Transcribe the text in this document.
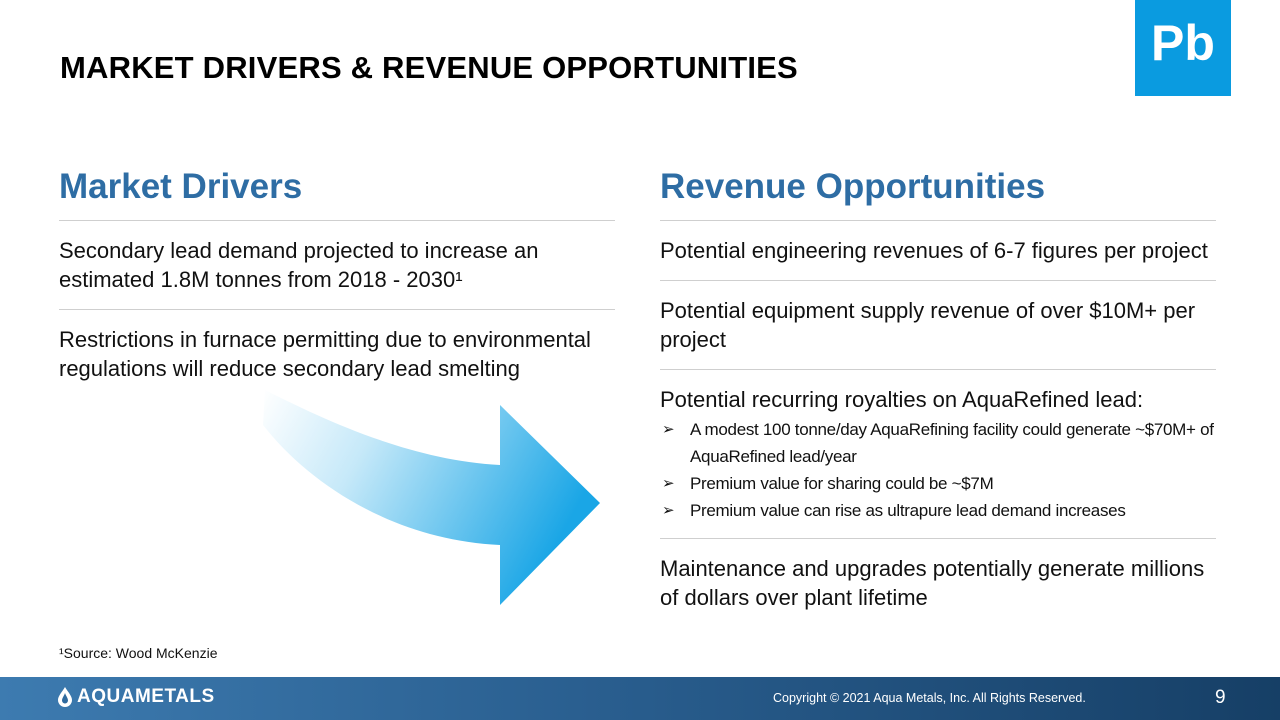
MARKET DRIVERS & REVENUE OPPORTUNITIES	Pb
Market Drivers
Secondary lead demand projected to increase an estimated 1.8M tonnes from 2018 - 2030¹
Restrictions in furnace permitting due to environmental regulations will reduce secondary lead smelting
Revenue Opportunities
Potential engineering revenues of 6-7 figures per project
Potential equipment supply revenue of over $10M+ per project
Potential recurring royalties on AquaRefined lead:
➢ A modest 100 tonne/day AquaRefining facility could generate ~$70M+ of AquaRefined lead/year
➢ Premium value for sharing could be ~$7M
➢ Premium value can rise as ultrapure lead demand increases
Maintenance and upgrades potentially generate millions of dollars over plant lifetime
¹Source: Wood McKenzie
AQUAMETALS	Copyright © 2021 Aqua Metals, Inc. All Rights Reserved.	9
